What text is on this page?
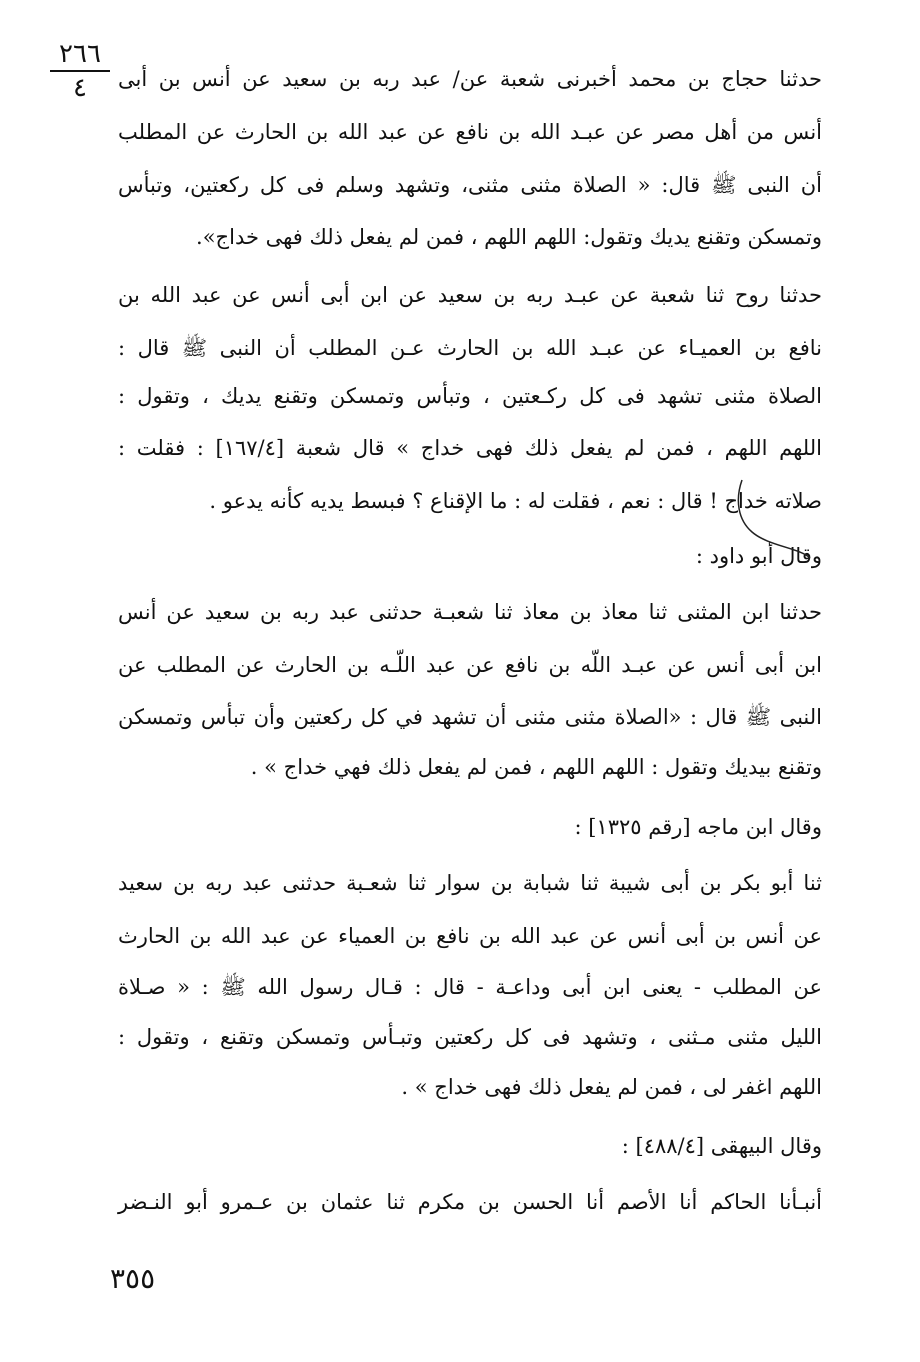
٢٦٦
٤	حدثنا حجاج بن محمد أخبرنى شعبة عن/ عبد ربه بن سعيد عن أنس بن أبى
أنس من أهل مصر عن عبـد الله بن نافع عن عبد الله بن الحارث عن المطلب
أن النبى ﷺ قال: « الصلاة مثنى مثنى، وتشهد وسلم فى كل ركعتين، وتبأس
وتمسكن وتقنع يديك وتقول: اللهم اللهم ، فمن لم يفعل ذلك فهى خداج».
حدثنا روح ثنا شعبة عن عبـد ربه بن سعيد عن ابن أبى أنس عن عبد الله بن
نافع بن العميـاء عن عبـد الله بن الحارث عـن المطلب أن النبى ﷺ قال :
الصلاة مثنى تشهد فى كل ركـعتين ، وتبأس وتمسكن وتقنع يديك ، وتقول :
اللهم اللهم ، فمن لم يفعل ذلك فهى خداج » قال شعبة [١٦٧/٤] : فقلت :
صلاته خداج ! قال : نعم ، فقلت له : ما الإقناع ؟ فبسط يديه كأنه يدعو .
وقال أبو داود :
حدثنا ابن المثنى ثنا معاذ بن معاذ ثنا شعبـة حدثنى عبد ربه بن سعيد عن أنس
ابن أبى أنس عن عبـد اللّه بن نافع عن عبد اللّـه بن الحارث عن المطلب عن
النبى ﷺ قال : «الصلاة مثنى مثنى أن تشهد في كل ركعتين وأن تبأس وتمسكن
وتقنع بيديك وتقول : اللهم اللهم ، فمن لم يفعل ذلك فهي خداج » .
وقال ابن ماجه [رقم ١٣٢٥] :
ثنا أبو بكر بن أبى شيبة ثنا شبابة بن سوار ثنا شعـبة حدثنى عبد ربه بن سعيد
عن أنس بن أبى أنس عن عبد الله بن نافع بن العمياء عن عبد الله بن الحارث
عن المطلب - يعنى ابن أبى وداعـة - قال : قـال رسول الله ﷺ : « صـلاة
الليل مثنى مـثنى ، وتشهد فى كل ركعتين وتبـأس وتمسكن وتقنع ، وتقول :
اللهم اغفر لى ، فمن لم يفعل ذلك فهى خداج » .
وقال البيهقى [٤٨٨/٤] :
أنبـأنا الحاكم أنا الأصم أنا الحسن بن مكرم ثنا عثمان بن عـمرو أبو النـضر
٣٥٥
